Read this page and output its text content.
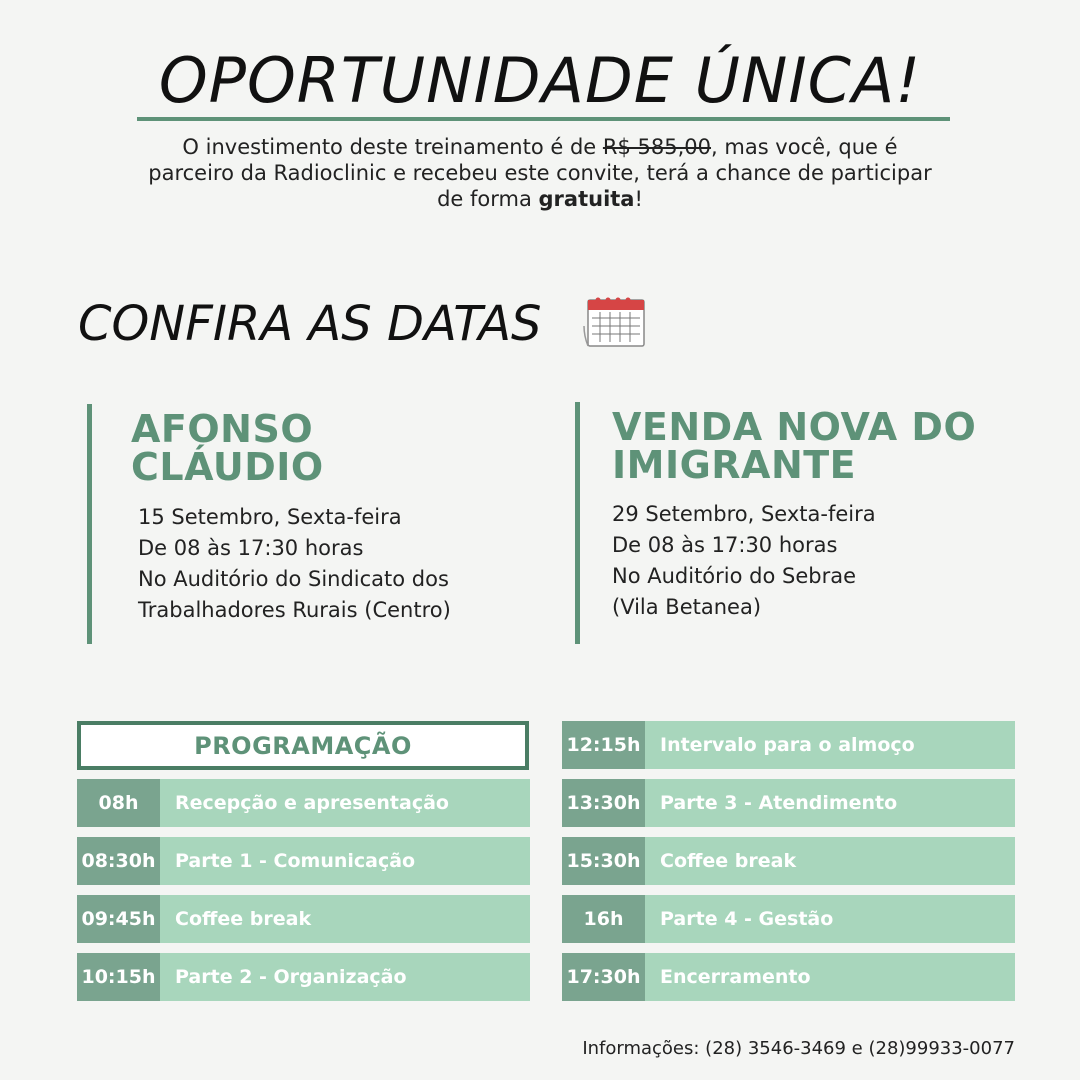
OPORTUNIDADE ÚNICA!
O investimento deste treinamento é de R$ 585,00, mas você, que é parceiro da Radioclinic e recebeu este convite, terá a chance de participar de forma gratuita!
CONFIRA AS DATAS
AFONSO
CLÁUDIO
15 Setembro, Sexta-feira
De 08 às 17:30 horas
No Auditório do Sindicato dos
Trabalhadores Rurais (Centro)
VENDA NOVA DO
IMIGRANTE
29 Setembro, Sexta-feira
De 08 às 17:30 horas
No Auditório do Sebrae
(Vila Betanea)
PROGRAMAÇÃO
08h	Recepção e apresentação
08:30h	Parte 1 - Comunicação
09:45h	Coffee break
10:15h	Parte 2 - Organização
12:15h	Intervalo para o almoço
13:30h	Parte 3 - Atendimento
15:30h	Coffee break
16h	Parte 4 - Gestão
17:30h	Encerramento
Informações: (28) 3546-3469 e (28)99933-0077
